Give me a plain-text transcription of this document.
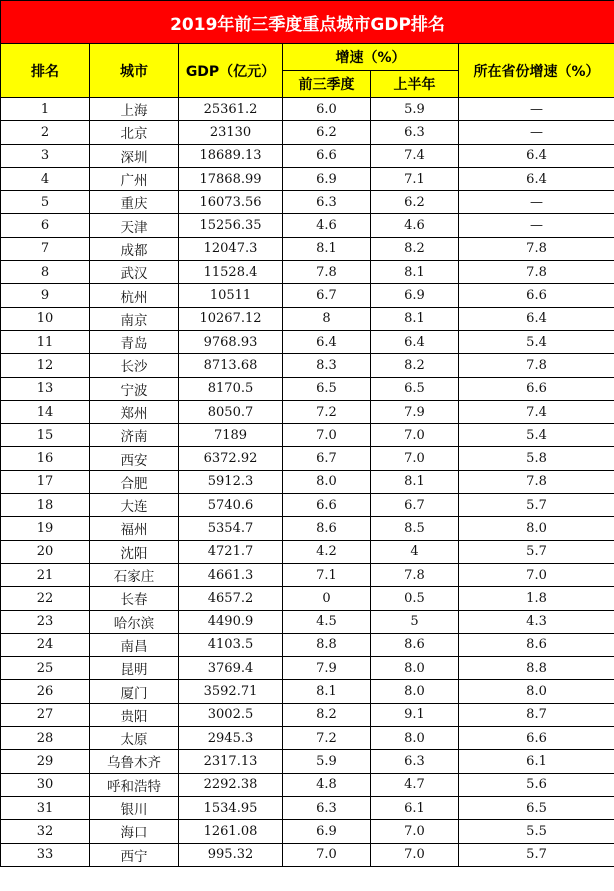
2019年前三季度重点城市GDP排名					
排名	城市	GDP（亿元）	增速（%）		所在省份增速（%）
			前三季度	上半年	
1	上海	25361.2	6.0	5.9	—
2	北京	23130	6.2	6.3	—
3	深圳	18689.13	6.6	7.4	6.4
4	广州	17868.99	6.9	7.1	6.4
5	重庆	16073.56	6.3	6.2	—
6	天津	15256.35	4.6	4.6	—
7	成都	12047.3	8.1	8.2	7.8
8	武汉	11528.4	7.8	8.1	7.8
9	杭州	10511	6.7	6.9	6.6
10	南京	10267.12	8	8.1	6.4
11	青岛	9768.93	6.4	6.4	5.4
12	长沙	8713.68	8.3	8.2	7.8
13	宁波	8170.5	6.5	6.5	6.6
14	郑州	8050.7	7.2	7.9	7.4
15	济南	7189	7.0	7.0	5.4
16	西安	6372.92	6.7	7.0	5.8
17	合肥	5912.3	8.0	8.1	7.8
18	大连	5740.6	6.6	6.7	5.7
19	福州	5354.7	8.6	8.5	8.0
20	沈阳	4721.7	4.2	4	5.7
21	石家庄	4661.3	7.1	7.8	7.0
22	长春	4657.2	0	0.5	1.8
23	哈尔滨	4490.9	4.5	5	4.3
24	南昌	4103.5	8.8	8.6	8.6
25	昆明	3769.4	7.9	8.0	8.8
26	厦门	3592.71	8.1	8.0	8.0
27	贵阳	3002.5	8.2	9.1	8.7
28	太原	2945.3	7.2	8.0	6.6
29	乌鲁木齐	2317.13	5.9	6.3	6.1
30	呼和浩特	2292.38	4.8	4.7	5.6
31	银川	1534.95	6.3	6.1	6.5
32	海口	1261.08	6.9	7.0	5.5
33	西宁	995.32	7.0	7.0	5.7
